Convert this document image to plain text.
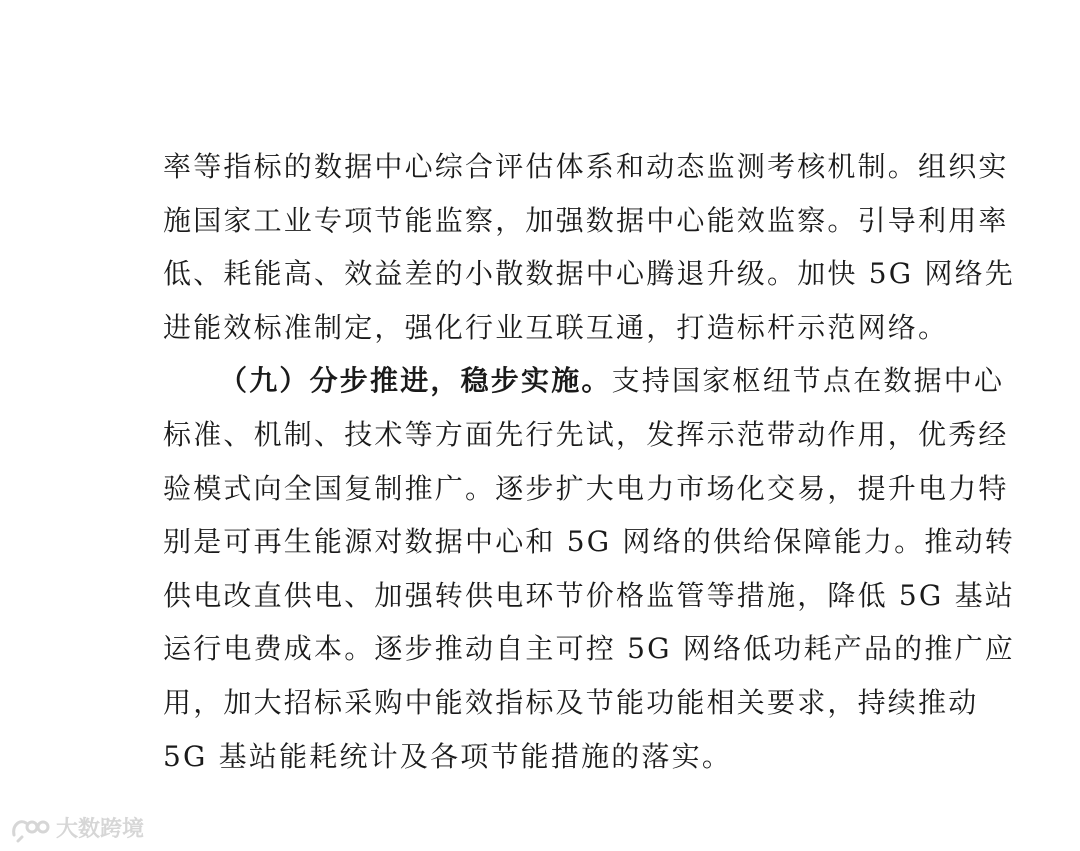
率等指标的数据中心综合评估体系和动态监测考核机制。组织实
施国家工业专项节能监察，加强数据中心能效监察。引导利用率
低、耗能高、效益差的小散数据中心腾退升级。加快 5G 网络先
进能效标准制定，强化行业互联互通，打造标杆示范网络。
（九）分步推进，稳步实施。支持国家枢纽节点在数据中心
标准、机制、技术等方面先行先试，发挥示范带动作用，优秀经
验模式向全国复制推广。逐步扩大电力市场化交易，提升电力特
别是可再生能源对数据中心和 5G 网络的供给保障能力。推动转
供电改直供电、加强转供电环节价格监管等措施，降低 5G 基站
运行电费成本。逐步推动自主可控 5G 网络低功耗产品的推广应
用，加大招标采购中能效指标及节能功能相关要求，持续推动
5G 基站能耗统计及各项节能措施的落实。
大数跨境
